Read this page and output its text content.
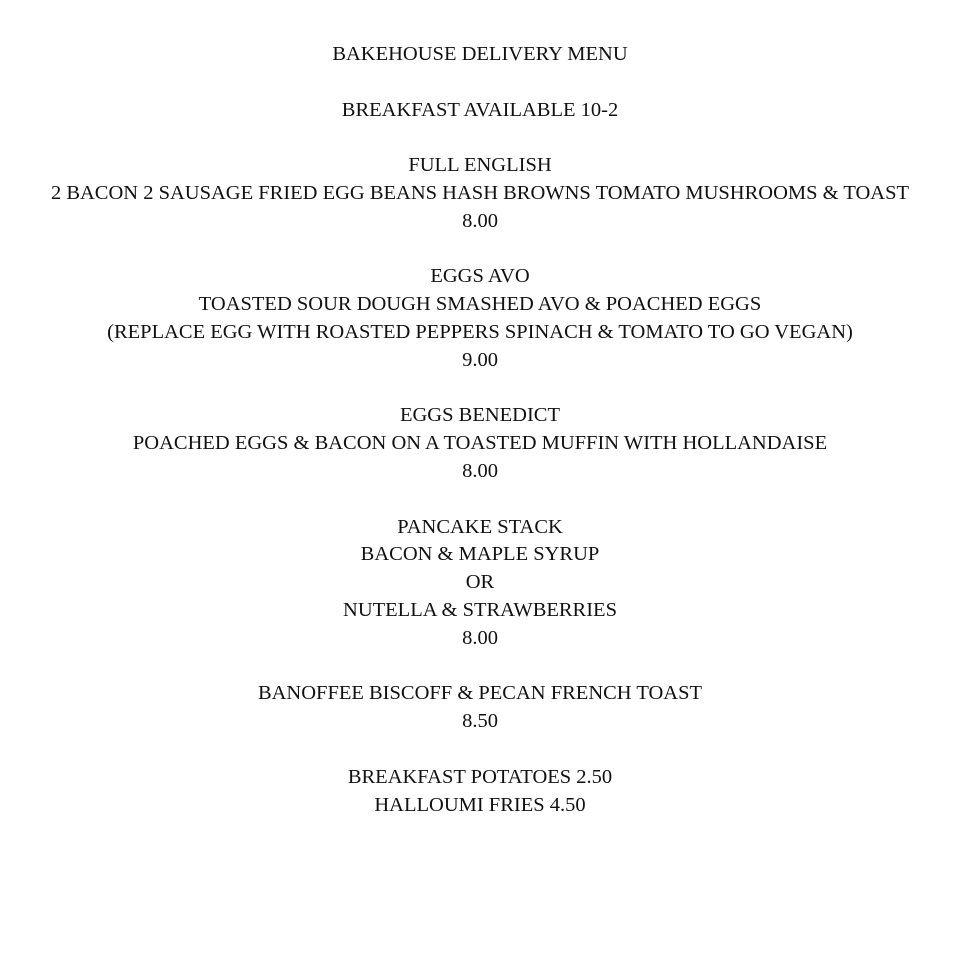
BAKEHOUSE DELIVERY MENU
BREAKFAST AVAILABLE 10-2
FULL ENGLISH
2 BACON 2 SAUSAGE FRIED EGG BEANS HASH BROWNS TOMATO MUSHROOMS & TOAST
8.00
EGGS AVO
TOASTED SOUR DOUGH SMASHED AVO & POACHED EGGS
(REPLACE EGG WITH ROASTED PEPPERS SPINACH & TOMATO TO GO VEGAN)
9.00
EGGS BENEDICT
POACHED EGGS & BACON ON A TOASTED MUFFIN WITH HOLLANDAISE
8.00
PANCAKE STACK
BACON & MAPLE SYRUP
OR
NUTELLA & STRAWBERRIES
8.00
BANOFFEE BISCOFF & PECAN FRENCH TOAST
8.50
BREAKFAST POTATOES 2.50
HALLOUMI FRIES 4.50
